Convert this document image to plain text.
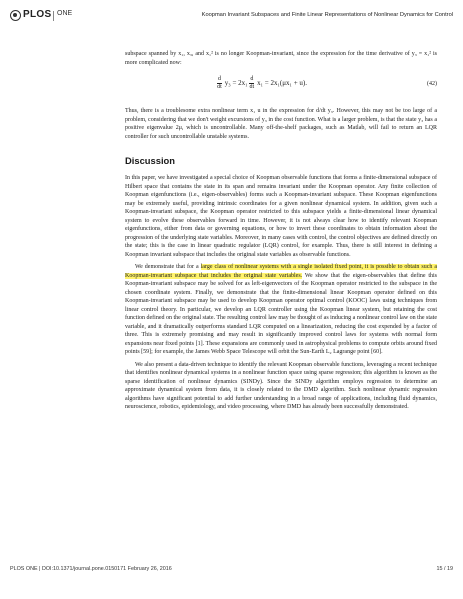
PLOS ONE	Koopman Invariant Subspaces and Finite Linear Representations of Nonlinear Dynamics for Control

subspace spanned by x₁, x₃, and x₁² is no longer Koopman-invariant, since the expression for the time derivative of y₃ = x₁² is more complicated now:

$\frac{d}{dt} y_3 = 2x_1 \frac{d}{dt} x_1 = 2x_1(\mu x_1 + u)$.	(42)

Thus, there is a troublesome extra nonlinear term x₁ u in the expression for d/dt y₃. However, this may not be too large of a problem, considering that we don't weight excursions of y₃ in the cost function. What is a larger problem, is that the state y₃ has a positive eigenvalue 2μ, which is uncontrollable. Many off-the-shelf packages, such as Matlab, will fail to return an LQR controller for such uncontrollable unstable systems.

Discussion

In this paper, we have investigated a special choice of Koopman observable functions that forms a finite-dimensional subspace of Hilbert space that contains the state in its span and remains invariant under the Koopman operator. Any finite collection of Koopman eigenfunctions (i.e., eigen-observables) forms such a Koopman-invariant subspace. These Koopman eigenfunctions may be extremely useful, providing intrinsic coordinates for a given nonlinear dynamical system. In addition, given such a Koopman-invariant subspace, the Koopman operator restricted to this subspace yields a finite-dimensional linear dynamical system to evolve these observables forward in time. However, it is not always clear how to identify relevant Koopman eigenfunctions, either from data or governing equations, or how to invert these coordinates to obtain information about the progression of the underlying state variables. Moreover, in many cases with control, the control objectives are defined directly on the state; this is the case in linear quadratic regulator (LQR) control, for example. Thus, there is still interest in defining a Koopman invariant subspace that includes the original state variables as observable functions.

We demonstrate that for a large class of nonlinear systems with a single isolated fixed point, it is possible to obtain such a Koopman-invariant subspace that includes the original state variables. We show that the eigen-observables that define this Koopman-invariant subspace may be solved for as left-eigenvectors of the Koopman operator restricted to the subspace in the chosen coordinate system. Finally, we demonstrate that the finite-dimensional linear Koopman operator defined on this Koopman-invariant subspace may be used to develop Koopman operator optimal control (KOOC) laws using techniques from linear control theory. In particular, we develop an LQR controller using the Koopman linear system, but retaining the cost function defined on the original state. The resulting control law may be thought of as inducing a nonlinear control law on the state variable, and it dramatically outperforms standard LQR computed on a linearization, reducing the cost expended by a factor of three. This is extremely promising and may result in significantly improved control laws for systems with normal form expansions near fixed points [1]. These expansions are commonly used in astrophysical problems to compute orbits around fixed points [59]; for example, the James Webb Space Telescope will orbit the Sun-Earth L₂ Lagrange point [60].

We also present a data-driven technique to identify the relevant Koopman observable functions, leveraging a recent technique that identifies nonlinear dynamical systems in a nonlinear function space using sparse regression; this algorithm is known as the sparse identification of nonlinear dynamics (SINDy). Since the SINDy algorithm employs regression to determine an approximate dynamical system from data, it is closely related to the DMD algorithm. Such nonlinear dynamic regression algorithms have significant potential to add further understanding in a broad range of applications, including fluid dynamics, neuroscience, robotics, epidemiology, and video processing, where DMD has already been successfully demonstrated.

PLOS ONE | DOI:10.1371/journal.pone.0150171 February 26, 2016	15 / 19
